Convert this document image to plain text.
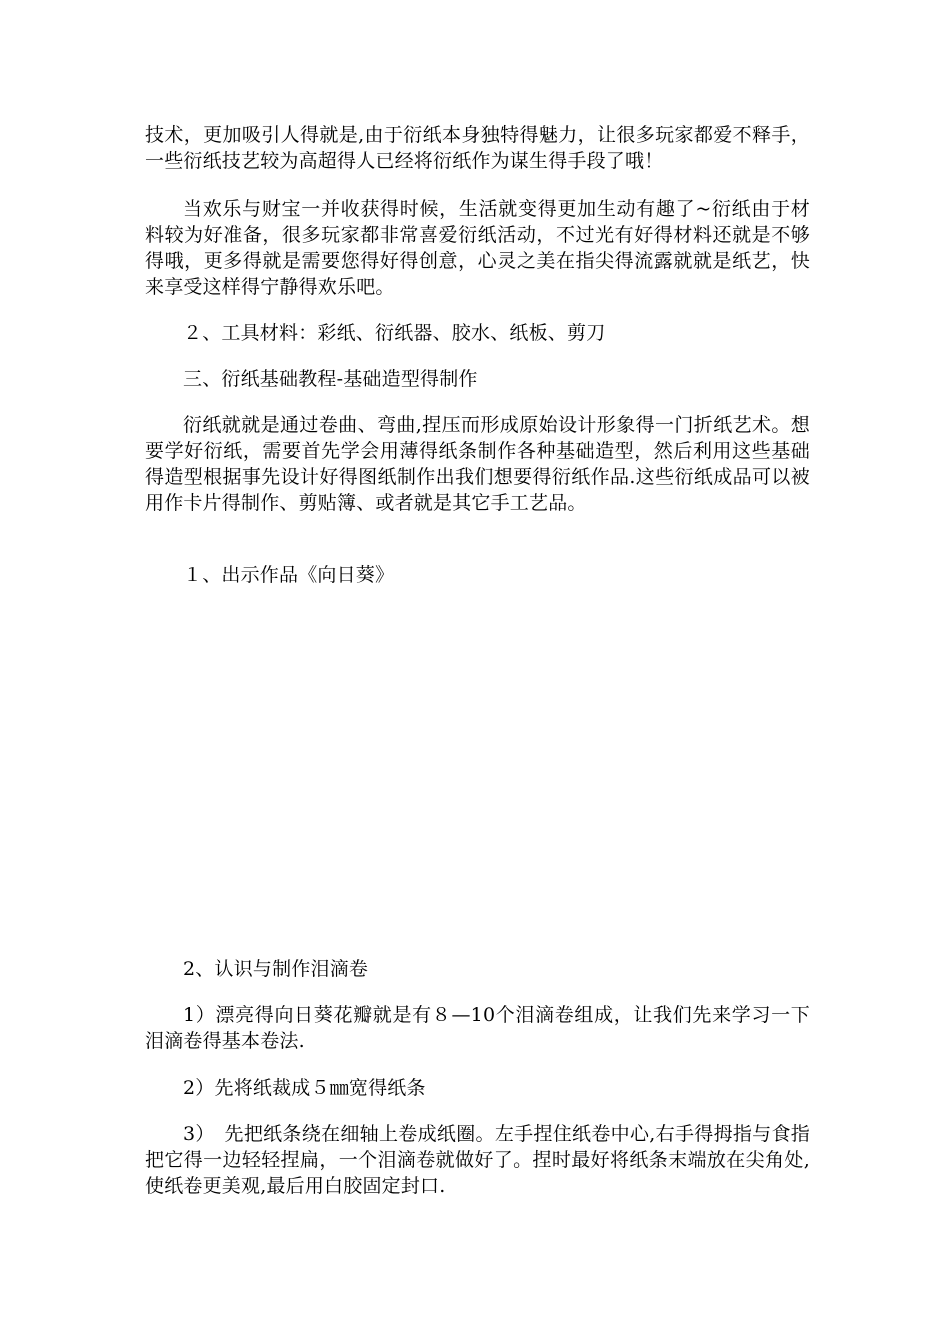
技术，更加吸引人得就是,由于衍纸本身独特得魅力，让很多玩家都爱不释手，一些衍纸技艺较为高超得人已经将衍纸作为谋生得手段了哦！

当欢乐与财宝一并收获得时候，生活就变得更加生动有趣了~衍纸由于材料较为好准备，很多玩家都非常喜爱衍纸活动，不过光有好得材料还就是不够得哦，更多得就是需要您得好得创意，心灵之美在指尖得流露就就是纸艺，快来享受这样得宁静得欢乐吧。

２、工具材料：彩纸、衍纸器、胶水、纸板、剪刀

三、衍纸基础教程-基础造型得制作

衍纸就就是通过卷曲、弯曲,捏压而形成原始设计形象得一门折纸艺术。想要学好衍纸，需要首先学会用薄得纸条制作各种基础造型，然后利用这些基础得造型根据事先设计好得图纸制作出我们想要得衍纸作品.这些衍纸成品可以被用作卡片得制作、剪贴簿、或者就是其它手工艺品。

１、出示作品《向日葵》

2、认识与制作泪滴卷

1）漂亮得向日葵花瓣就是有８—10个泪滴卷组成，让我们先来学习一下泪滴卷得基本卷法.

2）先将纸裁成５㎜宽得纸条

3）　先把纸条绕在细轴上卷成纸圈。左手捏住纸卷中心,右手得拇指与食指把它得一边轻轻捏扁，一个泪滴卷就做好了。捏时最好将纸条末端放在尖角处,使纸卷更美观,最后用白胶固定封口.
